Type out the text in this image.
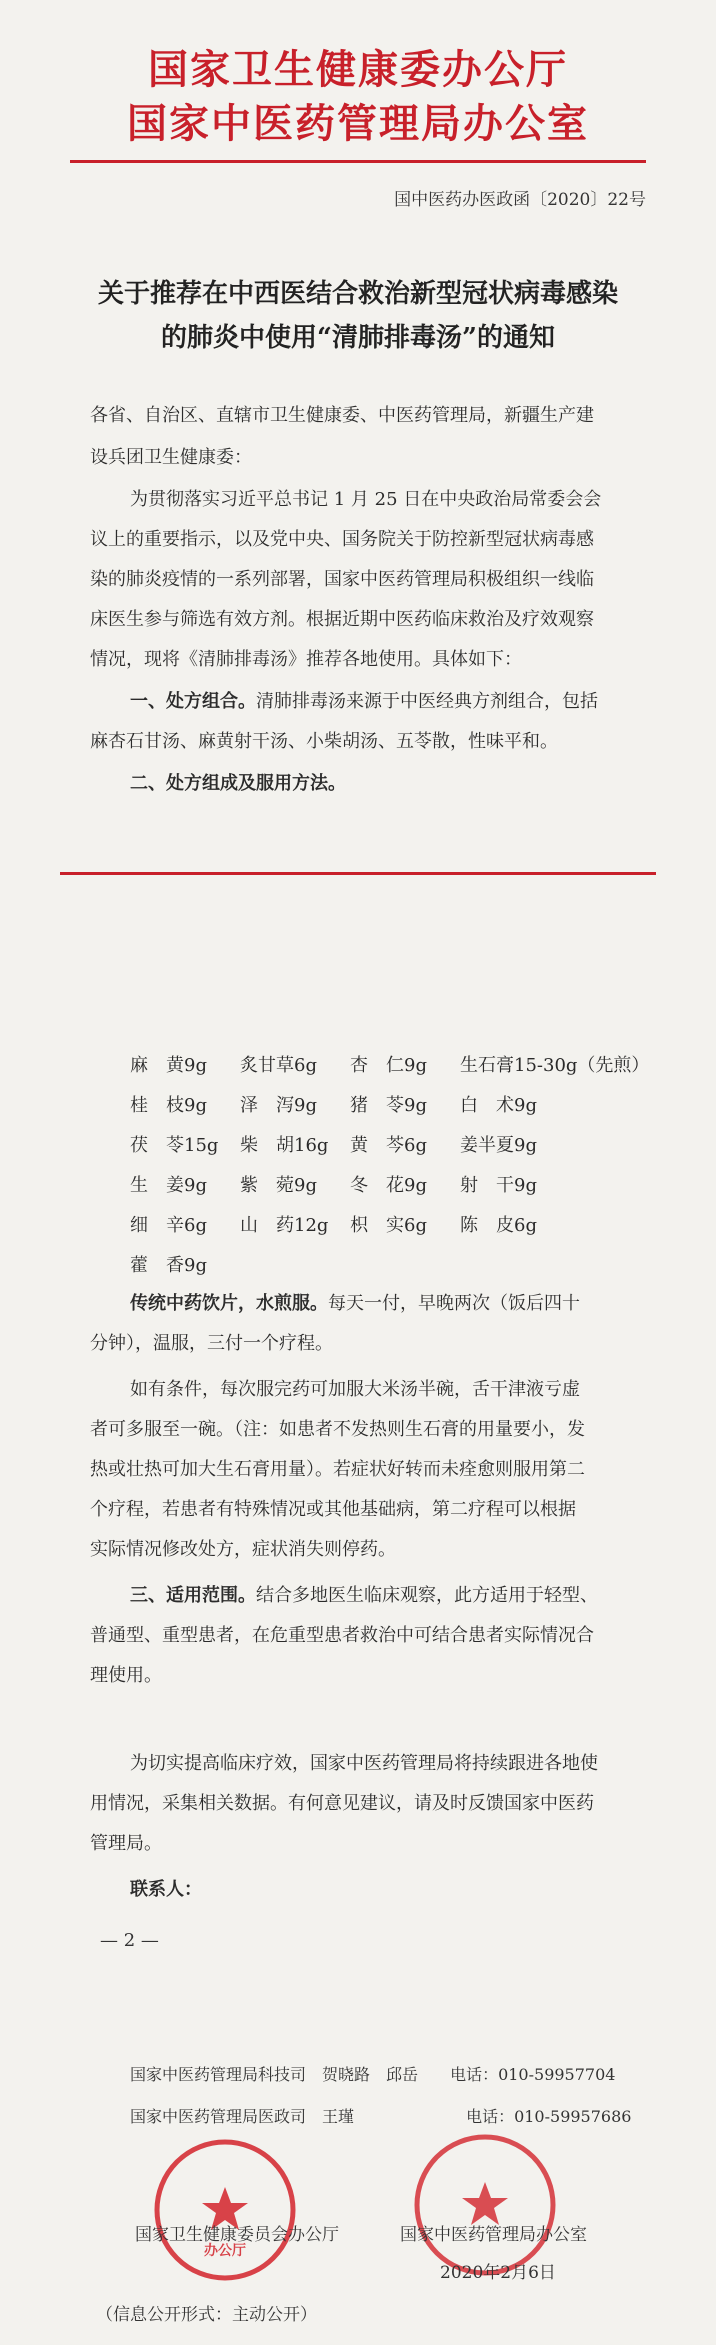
国家卫生健康委办公厅
国家中医药管理局办公室
国中医药办医政函〔2020〕22号
关于推荐在中西医结合救治新型冠状病毒感染
的肺炎中使用“清肺排毒汤”的通知
各省、自治区、直辖市卫生健康委、中医药管理局，新疆生产建
设兵团卫生健康委：
为贯彻落实习近平总书记 1 月 25 日在中央政治局常委会会
议上的重要指示，以及党中央、国务院关于防控新型冠状病毒感
染的肺炎疫情的一系列部署，国家中医药管理局积极组织一线临
床医生参与筛选有效方剂。根据近期中医药临床救治及疗效观察
情况，现将《清肺排毒汤》推荐各地使用。具体如下：
一、处方组合。清肺排毒汤来源于中医经典方剂组合，包括
麻杏石甘汤、麻黄射干汤、小柴胡汤、五苓散，性味平和。
二、处方组成及服用方法。
麻　黄9g 炙甘草6g 杏　仁9g 生石膏15-30g（先煎）
桂　枝9g 泽　泻9g 猪　苓9g 白　术9g
茯　苓15g 柴　胡16g 黄　芩6g 姜半夏9g
生　姜9g 紫　菀9g 冬　花9g 射　干9g
细　辛6g 山　药12g 枳　实6g 陈　皮6g
藿　香9g
传统中药饮片，水煎服。每天一付，早晚两次（饭后四十
分钟），温服，三付一个疗程。
如有条件，每次服完药可加服大米汤半碗，舌干津液亏虚
者可多服至一碗。（注：如患者不发热则生石膏的用量要小，发
热或壮热可加大生石膏用量）。若症状好转而未痊愈则服用第二
个疗程，若患者有特殊情况或其他基础病，第二疗程可以根据
实际情况修改处方，症状消失则停药。
三、适用范围。结合多地医生临床观察，此方适用于轻型、
普通型、重型患者，在危重型患者救治中可结合患者实际情况合
理使用。
为切实提高临床疗效，国家中医药管理局将持续跟进各地使
用情况，采集相关数据。有何意见建议，请及时反馈国家中医药
管理局。
联系人：
— 2 —
国家中医药管理局科技司　 贺晓路　邱岳　　 电话：010-59957704
国家中医药管理局医政司　 王瑾　　　　　　　	电话：010-59957686
办公厅
国家卫生健康委员会办公厅	国家中医药管理局办公室
2020年2月6日
（信息公开形式：主动公开）
